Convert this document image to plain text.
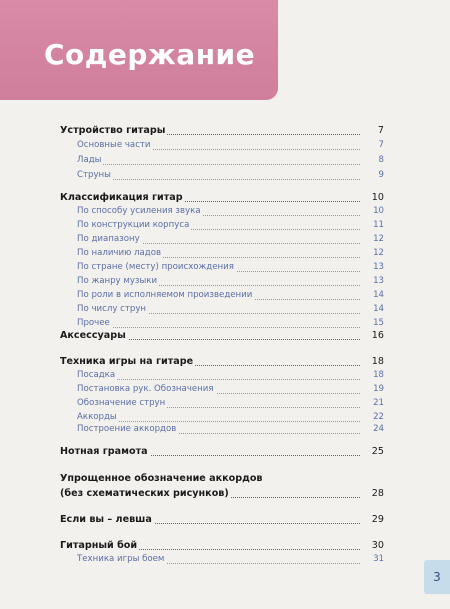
Содержание
Устройство гитары	7
Основные части	7
Лады	8
Струны	9
Классификация гитар	10
По способу усиления звука	10
По конструкции корпуса	11
По диапазону	12
По наличию ладов	12
По стране (месту) происхождения	13
По жанру музыки	13
По роли в исполняемом произведении	14
По числу струн	14
Прочее	15
Аксессуары	16
Техника игры на гитаре	18
Посадка	18
Постановка рук. Обозначения	19
Обозначение струн	21
Аккорды	22
Построение аккордов	24
Нотная грамота	25
Упрощенное обозначение аккордов
(без схематических рисунков)	28
Если вы – левша	29
Гитарный бой	30
Техника игры боем	31
3
